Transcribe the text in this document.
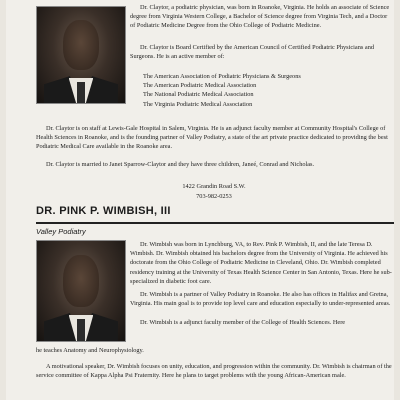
Dr. Claytor, a podiatric physician, was born in Roanoke, Virginia. He holds an associate of Science degree from Virginia Western College, a Bachelor of Science degree from Virginia Tech, and a Doctor of Podiatric Medicine Degree from the Ohio College of Podiatric Medicine.

Dr. Claytor is Board Certified by the American Council of Certified Podiatric Physicians and Surgeons. He is an active member of:

The American Association of Podiatric Physicians & Surgeons

The American Podiatric Medical Association

The National Podiatric Medical Association

The Virginia Podiatric Medical Association

Dr. Claytor is on staff at Lewis-Gale Hospital in Salem, Virginia. He is an adjunct faculty member at Community Hospital's College of Health Sciences in Roanoke, and is the founding partner of Valley Podiatry, a state of the art private practice dedicated to providing the best Podiatric Medical Care available in the Roanoke area.

Dr. Claytor is married to Janet Sparrow-Claytor and they have three children, Janeé, Conrad and Nicholas.

1422 Grandin Road S.W.

703-982-0253

DR. PINK P. WIMBISH, III

Valley Podiatry

Dr. Wimbish was born in Lynchburg, VA, to Rev. Pink P. Wimbish, II, and the late Teresa D. Wimbish. Dr. Wimbish obtained his bachelors degree from the University of Virginia. He achieved his doctorate from the Ohio College of Podiatric Medicine in Cleveland, Ohio. Dr. Wimbish completed residency training at the University of Texas Health Science Center in San Antonio, Texas. Here he sub-specialized in diabetic foot care.

Dr. Wimbish is a partner of Valley Podiatry in Roanoke. He also has offices in Halifax and Gretna, Virginia. His main goal is to provide top level care and education especially to under-represented areas.

Dr. Wimbish is a adjunct faculty member of the College of Health Sciences. Here

he teaches Anatomy and Neurophysiology.

A motivational speaker, Dr. Wimbish focuses on unity, education, and progression within the community. Dr. Wimbish is chairman of the service committee of Kappa Alpha Psi Fraternity. Here he plans to target problems with the young African-American male.
